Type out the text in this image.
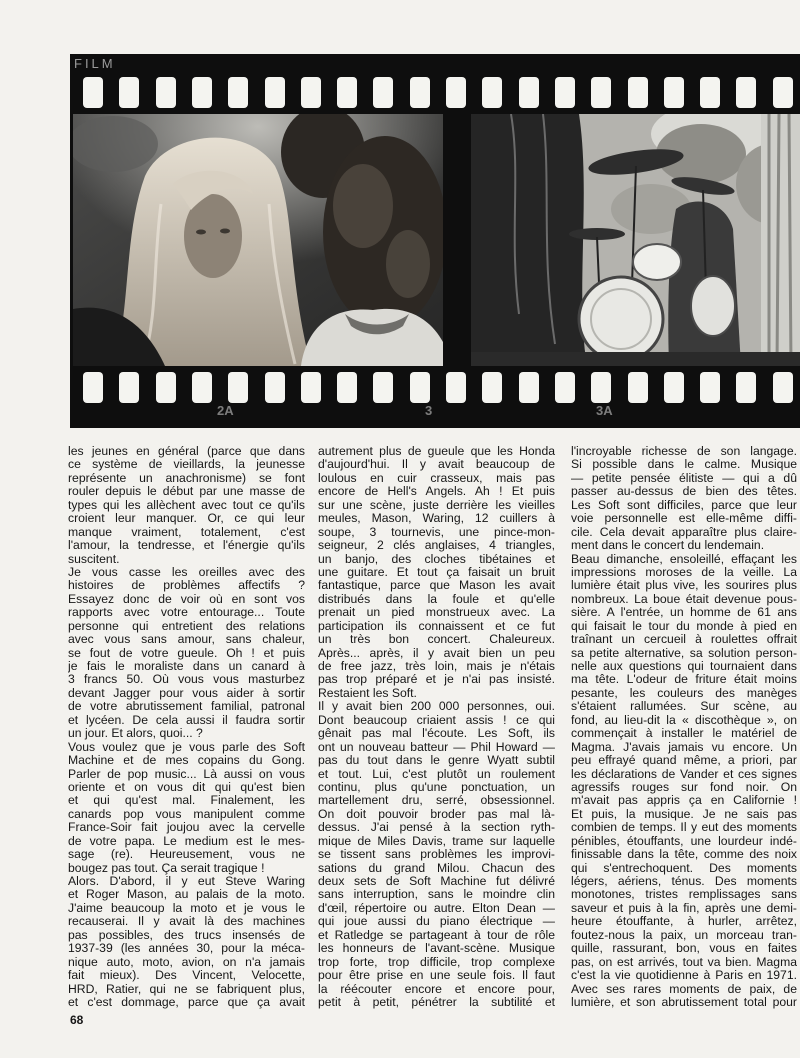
FILM
2A	3	3A
les jeunes en général (parce que dans
ce système de vieillards, la jeunesse
représente un anachronisme) se font
rouler depuis le début par une masse de
types qui les allèchent avec tout ce qu'ils
croient leur manquer. Or, ce qui leur
manque vraiment, totalement, c'est
l'amour, la tendresse, et l'énergie qu'ils
suscitent.
Je vous casse les oreilles avec des
histoires de problèmes affectifs ?
Essayez donc de voir où en sont vos
rapports avec votre entourage... Toute
personne qui entretient des relations
avec vous sans amour, sans chaleur,
se fout de votre gueule. Oh ! et puis
je fais le moraliste dans un canard à
3 francs 50. Où vous vous masturbez
devant Jagger pour vous aider à sortir
de votre abrutissement familial, patronal
et lycéen. De cela aussi il faudra sortir
un jour. Et alors, quoi... ?
Vous voulez que je vous parle des Soft
Machine et de mes copains du Gong.
Parler de pop music... Là aussi on vous
oriente et on vous dit qui qu'est bien
et qui qu'est mal. Finalement, les
canards pop vous manipulent comme
France-Soir fait joujou avec la cervelle
de votre papa. Le medium est le mes-
sage (re). Heureusement, vous ne
bougez pas tout. Ça serait tragique !
Alors. D'abord, il y eut Steve Waring
et Roger Mason, au palais de la moto.
J'aime beaucoup la moto et je vous le
recauserai. Il y avait là des machines
pas possibles, des trucs insensés de
1937-39 (les années 30, pour la méca-
nique auto, moto, avion, on n'a jamais
fait mieux). Des Vincent, Velocette,
HRD, Ratier, qui ne se fabriquent plus,
et c'est dommage, parce que ça avait
autrement plus de gueule que les Honda
d'aujourd'hui. Il y avait beaucoup de
loulous en cuir crasseux, mais pas
encore de Hell's Angels. Ah ! Et puis
sur une scène, juste derrière les vieilles
meules, Mason, Waring, 12 cuillers à
soupe, 3 tournevis, une pince-mon-
seigneur, 2 clés anglaises, 4 triangles,
un banjo, des cloches tibétaines et
une guitare. Et tout ça faisait un bruit
fantastique, parce que Mason les avait
distribués dans la foule et qu'elle
prenait un pied monstrueux avec. La
participation ils connaissent et ce fut
un très bon concert. Chaleureux.
Après... après, il y avait bien un peu
de free jazz, très loin, mais je n'étais
pas trop préparé et je n'ai pas insisté.
Restaient les Soft.
Il y avait bien 200 000 personnes, oui.
Dont beaucoup criaient assis ! ce qui
gênait pas mal l'écoute. Les Soft, ils
ont un nouveau batteur — Phil Howard —
pas du tout dans le genre Wyatt subtil
et tout. Lui, c'est plutôt un roulement
continu, plus qu'une ponctuation, un
martellement dru, serré, obsessionnel.
On doit pouvoir broder pas mal là-
dessus. J'ai pensé à la section ryth-
mique de Miles Davis, trame sur laquelle
se tissent sans problèmes les improvi-
sations du grand Milou. Chacun des
deux sets de Soft Machine fut délivré
sans interruption, sans le moindre clin
d'œil, répertoire ou autre. Elton Dean —
qui joue aussi du piano électrique —
et Ratledge se partageant à tour de rôle
les honneurs de l'avant-scène. Musique
trop forte, trop difficile, trop complexe
pour être prise en une seule fois. Il faut
la réécouter encore et encore pour,
petit à petit, pénétrer la subtilité et
l'incroyable richesse de son langage.
Si possible dans le calme. Musique
— petite pensée élitiste — qui a dû
passer au-dessus de bien des têtes.
Les Soft sont difficiles, parce que leur
voie personnelle est elle-même diffi-
cile. Cela devait apparaître plus claire-
ment dans le concert du lendemain.
Beau dimanche, ensoleillé, effaçant les
impressions moroses de la veille. La
lumière était plus vive, les sourires plus
nombreux. La boue était devenue pous-
sière. A l'entrée, un homme de 61 ans
qui faisait le tour du monde à pied en
traînant un cercueil à roulettes offrait
sa petite alternative, sa solution person-
nelle aux questions qui tournaient dans
ma tête. L'odeur de friture était moins
pesante, les couleurs des manèges
s'étaient rallumées. Sur scène, au
fond, au lieu-dit la « discothèque », on
commençait à installer le matériel de
Magma. J'avais jamais vu encore. Un
peu effrayé quand même, a priori, par
les déclarations de Vander et ces signes
agressifs rouges sur fond noir. On
m'avait pas appris ça en Californie !
Et puis, la musique. Je ne sais pas
combien de temps. Il y eut des moments
pénibles, étouffants, une lourdeur indé-
finissable dans la tête, comme des noix
qui s'entrechoquent. Des moments
légers, aériens, ténus. Des moments
monotones, tristes remplissages sans
saveur et puis à la fin, après une demi-
heure étouffante, à hurler, arrêtez,
foutez-nous la paix, un morceau tran-
quille, rassurant, bon, vous en faites
pas, on est arrivés, tout va bien. Magma
c'est la vie quotidienne à Paris en 1971.
Avec ses rares moments de paix, de
lumière, et son abrutissement total pour
68
